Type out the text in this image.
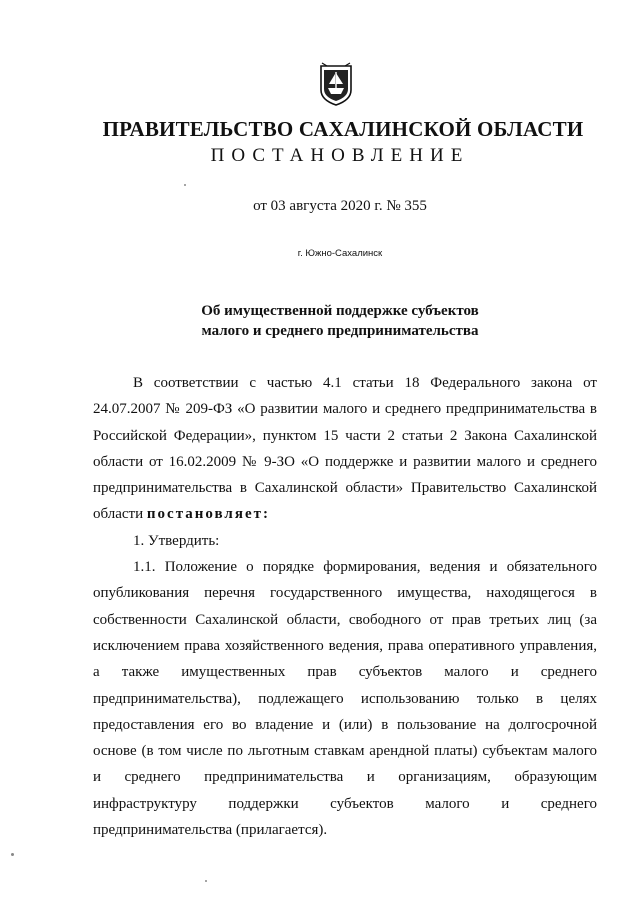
ПРАВИТЕЛЬСТВО САХАЛИНСКОЙ ОБЛАСТИ
ПОСТАНОВЛЕНИЕ
от 03 августа 2020 г. № 355
г. Южно-Сахалинск
Об имущественной поддержке субъектов
малого и среднего предпринимательства

В соответствии с частью 4.1 статьи 18 Федерального закона от 24.07.2007 № 209-ФЗ «О развитии малого и среднего предпринимательства в Российской Федерации», пунктом 15 части 2 статьи 2 Закона Сахалинской области от 16.02.2009 № 9-ЗО «О поддержке и развитии малого и среднего предпринимательства в Сахалинской области» Правительство Сахалинской области постановляет:

1. Утвердить:

1.1. Положение о порядке формирования, ведения и обязательного опубликования перечня государственного имущества, находящегося в собственности Сахалинской области, свободного от прав третьих лиц (за исключением права хозяйственного ведения, права оперативного управления, а также имущественных прав субъектов малого и среднего предпринимательства), подлежащего использованию только в целях предоставления его во владение и (или) в пользование на долгосрочной основе (в том числе по льготным ставкам арендной платы) субъектам малого и среднего предпринимательства и организациям, образующим инфраструктуру поддержки субъектов малого и среднего предпринимательства (прилагается).
